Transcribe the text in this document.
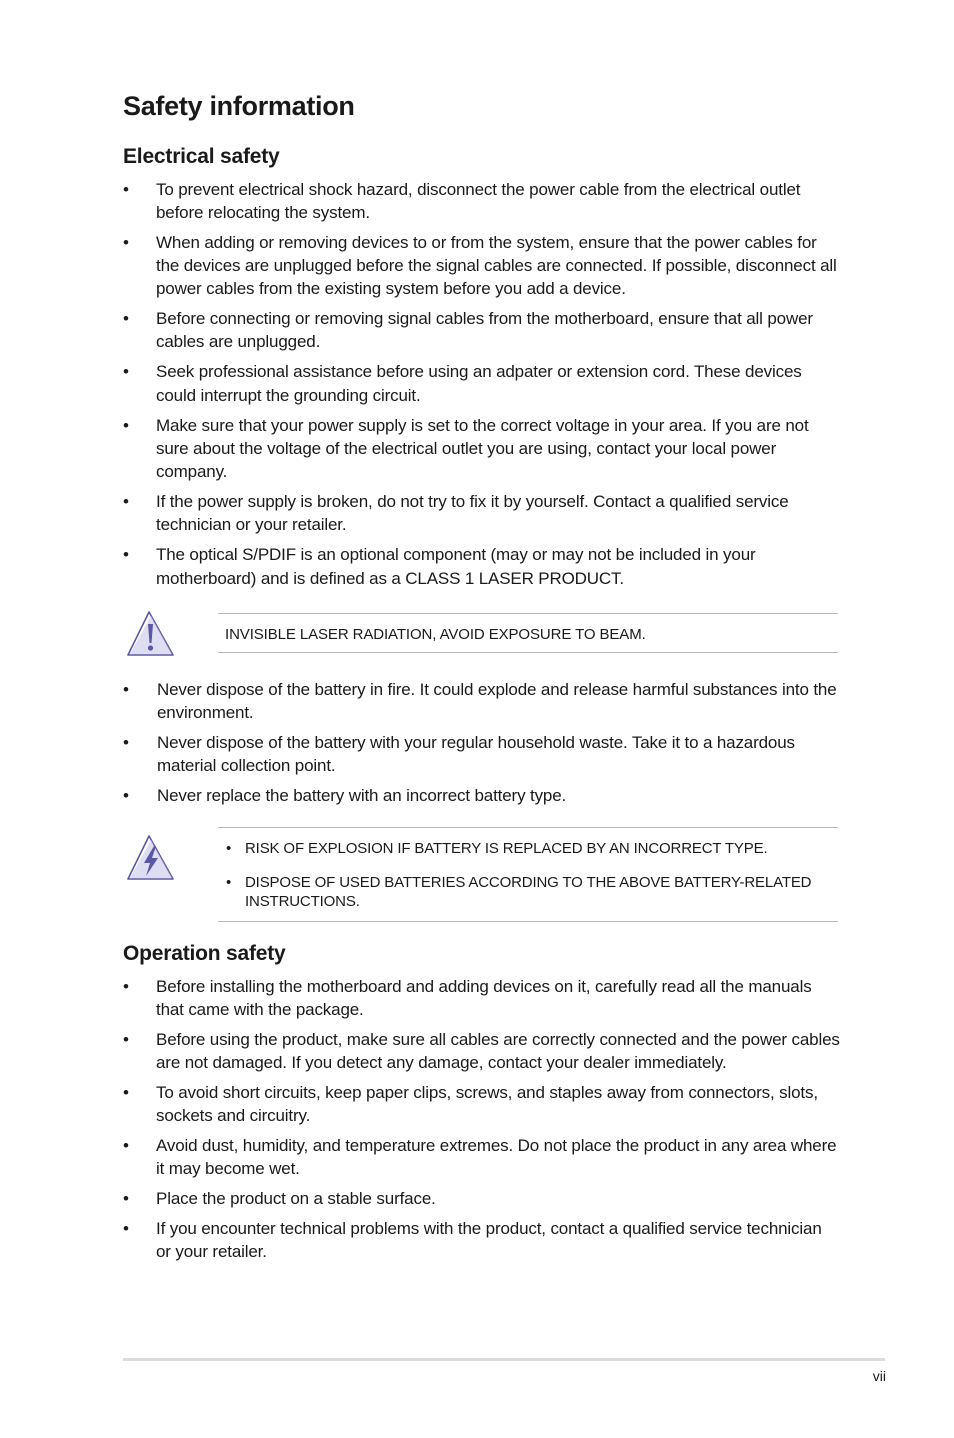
Safety information
Electrical safety
• To prevent electrical shock hazard, disconnect the power cable from the electrical outlet before relocating the system.
• When adding or removing devices to or from the system, ensure that the power cables for the devices are unplugged before the signal cables are connected. If possible, disconnect all power cables from the existing system before you add a device.
• Before connecting or removing signal cables from the motherboard, ensure that all power cables are unplugged.
• Seek professional assistance before using an adpater or extension cord. These devices could interrupt the grounding circuit.
• Make sure that your power supply is set to the correct voltage in your area. If you are not sure about the voltage of the electrical outlet you are using, contact your local power company.
• If the power supply is broken, do not try to fix it by yourself. Contact a qualified service technician or your retailer.
• The optical S/PDIF is an optional component (may or may not be included in your motherboard) and is defined as a CLASS 1 LASER PRODUCT.
INVISIBLE LASER RADIATION, AVOID EXPOSURE TO BEAM.
• Never dispose of the battery in fire. It could explode and release harmful substances into the environment.
• Never dispose of the battery with your regular household waste. Take it to a hazardous material collection point.
• Never replace the battery with an incorrect battery type.
• RISK OF EXPLOSION IF BATTERY IS REPLACED BY AN INCORRECT TYPE.
• DISPOSE OF USED BATTERIES ACCORDING TO THE ABOVE BATTERY-RELATED INSTRUCTIONS.
Operation safety
• Before installing the motherboard and adding devices on it, carefully read all the manuals that came with the package.
• Before using the product, make sure all cables are correctly connected and the power cables are not damaged. If you detect any damage, contact your dealer immediately.
• To avoid short circuits, keep paper clips, screws, and staples away from connectors, slots, sockets and circuitry.
• Avoid dust, humidity, and temperature extremes. Do not place the product in any area where it may become wet.
• Place the product on a stable surface.
• If you encounter technical problems with the product, contact a qualified service technician or your retailer.
vii
